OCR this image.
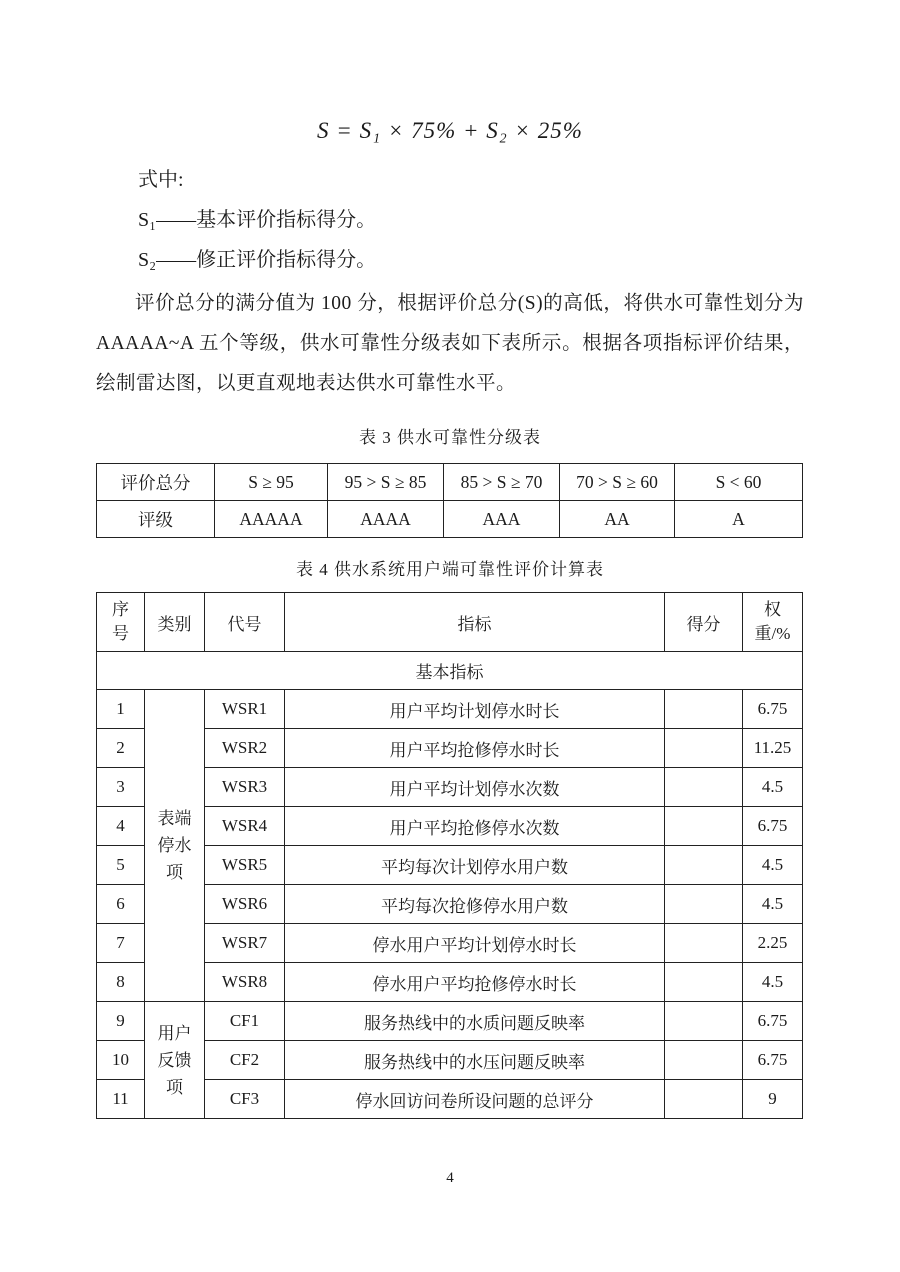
S = S₁ × 75% + S₂ × 25%

式中:

S₁——基本评价指标得分。

S₂——修正评价指标得分。

评价总分的满分值为 100 分，根据评价总分(S)的高低，将供水可靠性划分为 AAAAA~A 五个等级，供水可靠性分级表如下表所示。根据各项指标评价结果，绘制雷达图，以更直观地表达供水可靠性水平。

表 3 供水可靠性分级表
评价总分	S ≥ 95	95 > S ≥ 85	85 > S ≥ 70	70 > S ≥ 60	S < 60
评级	AAAAA	AAAA	AAA	AA	A
表 4 供水系统用户端可靠性评价计算表
序号	类别	代号	指标	得分	权重/%
基本指标					
1	表端停水项	WSR1	用户平均计划停水时长		6.75
2		WSR2	用户平均抢修停水时长		11.25
3		WSR3	用户平均计划停水次数		4.5
4		WSR4	用户平均抢修停水次数		6.75
5		WSR5	平均每次计划停水用户数		4.5
6		WSR6	平均每次抢修停水用户数		4.5
7		WSR7	停水用户平均计划停水时长		2.25
8		WSR8	停水用户平均抢修停水时长		4.5
9	用户反馈项	CF1	服务热线中的水质问题反映率		6.75
10		CF2	服务热线中的水压问题反映率		6.75
11		CF3	停水回访问卷所设问题的总评分		9
4
